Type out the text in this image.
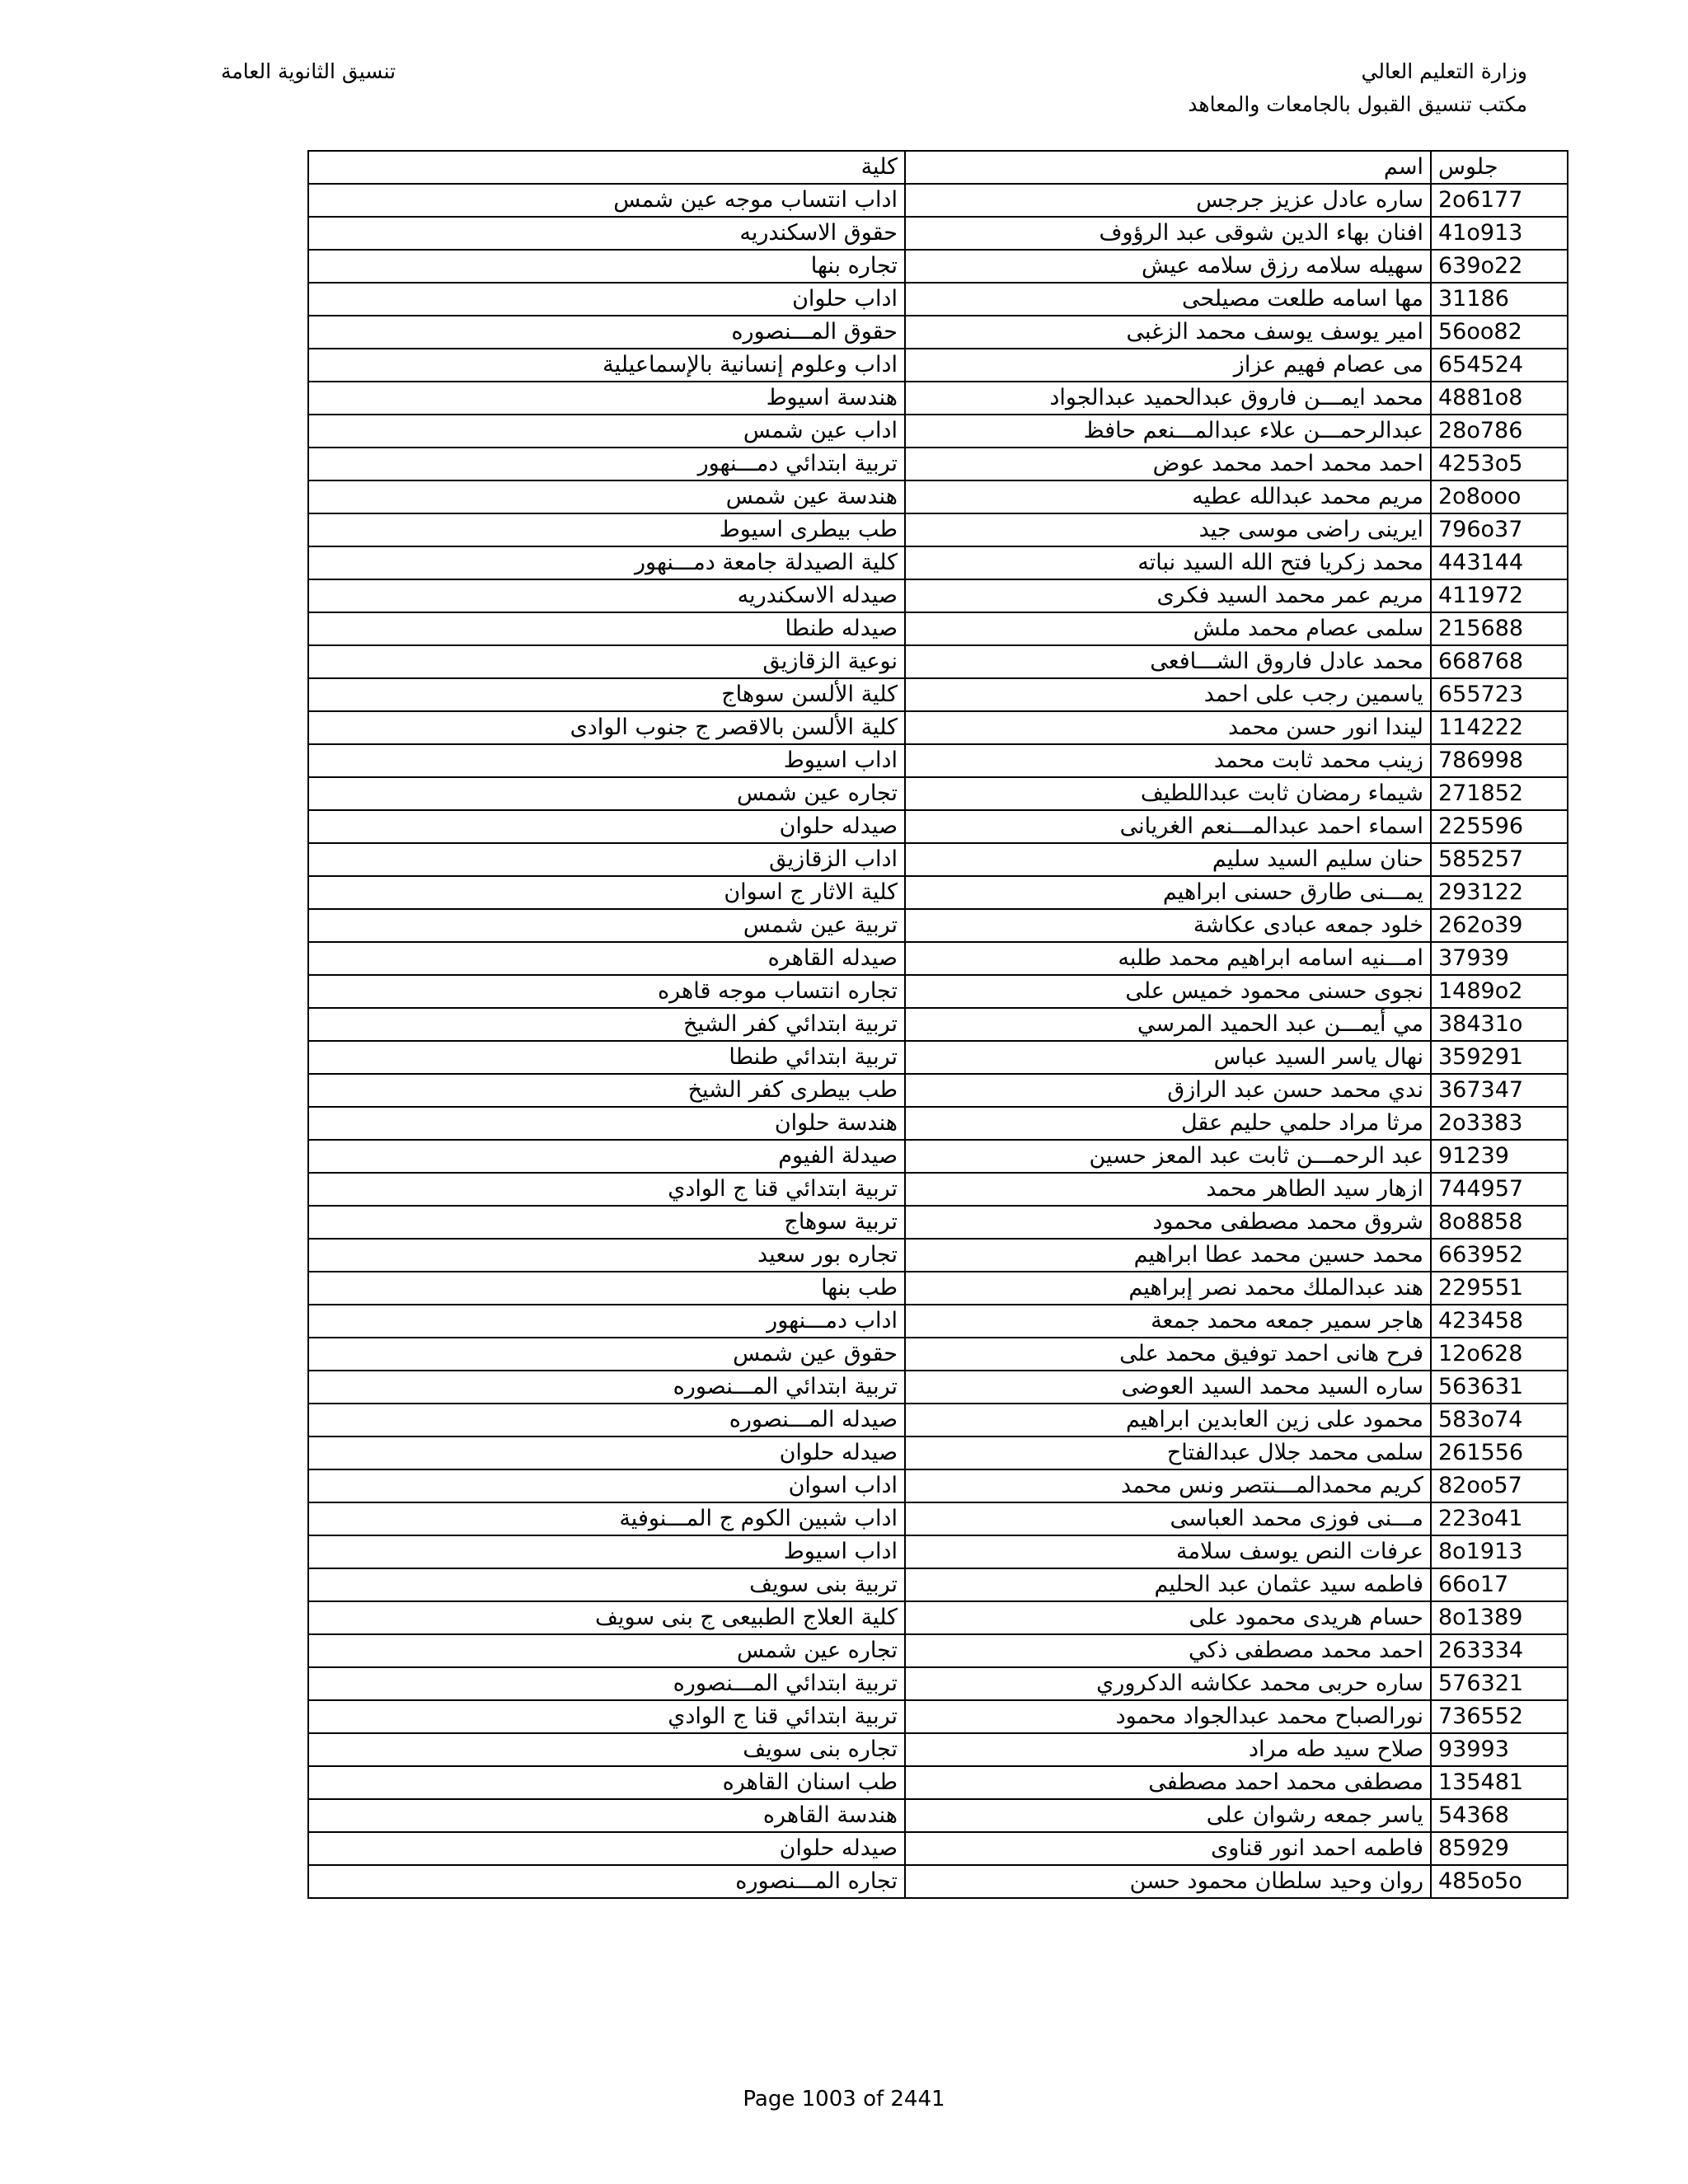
وزارة التعليم العالي
مكتب تنسيق القبول بالجامعات والمعاهد
تنسيق الثانوية العامة
كلية	اسم	جلوس
اداب انتساب موجه عين شمس	ساره عادل عزيز جرجس	2o6177
حقوق الاسكندريه	افنان بهاء الدين شوقى عبد الرؤوف	41o913
تجاره بنها	سهيله سلامه رزق سلامه عيش	639o22
اداب حلوان	مها اسامه طلعت مصيلحى	31186
حقوق المـــنصوره	امير يوسف يوسف محمد الزغبى	56oo82
اداب وعلوم إنسانية بالإسماعيلية	مى عصام فهيم عزاز	654524
هندسة اسيوط	محمد ايمـــن فاروق عبدالحميد عبدالجواد	4881o8
اداب عين شمس	عبدالرحمـــن علاء عبدالمـــنعم حافظ	28o786
تربية ابتدائي دمـــنهور	احمد محمد احمد محمد عوض	4253o5
هندسة عين شمس	مريم محمد عبدالله عطيه	2o8ooo
طب بيطرى اسيوط	ايرينى راضى موسى جيد	796o37
كلية الصيدلة جامعة دمـــنهور	محمد زكريا فتح الله السيد نباته	443144
صيدله الاسكندريه	مريم عمر محمد السيد فكرى	411972
صيدله طنطا	سلمى عصام محمد ملش	215688
نوعية الزقازيق	محمد عادل فاروق الشـــافعى	668768
كلية الألسن سوهاج	ياسمين رجب على احمد	655723
كلية الألسن بالاقصر ج جنوب الوادى	ليندا انور حسن محمد	114222
اداب اسيوط	زينب محمد ثابت محمد	786998
تجاره عين شمس	شيماء رمضان ثابت عبداللطيف	271852
صيدله حلوان	اسماء احمد عبدالمـــنعم الغريانى	225596
اداب الزقازيق	حنان سليم السيد سليم	585257
كلية الاثار ج اسوان	يمـــنى طارق حسنى ابراهيم	293122
تربية عين شمس	خلود جمعه عبادى عكاشة	262o39
صيدله القاهره	امـــنيه اسامه ابراهيم محمد طلبه	37939
تجاره انتساب موجه قاهره	نجوى حسنى محمود خميس على	1489o2
تربية ابتدائي كفر الشيخ	مي أيمـــن عبد الحميد المرسي	38431o
تربية ابتدائي طنطا	نهال ياسر السيد عباس	359291
طب بيطرى كفر الشيخ	ندي محمد حسن عبد الرازق	367347
هندسة حلوان	مرثا مراد حلمي حليم عقل	2o3383
صيدلة الفيوم	عبد الرحمـــن ثابت عبد المعز حسين	91239
تربية ابتدائي قنا ج الوادي	ازهار سيد الطاهر محمد	744957
تربية سوهاج	شروق محمد مصطفى محمود	8o8858
تجاره بور سعيد	محمد حسين محمد عطا ابراهيم	663952
طب بنها	هند عبدالملك محمد نصر إبراهيم	229551
اداب دمـــنهور	هاجر سمير جمعه محمد جمعة	423458
حقوق عين شمس	فرح هانى احمد توفيق محمد على	12o628
تربية ابتدائي المـــنصوره	ساره السيد محمد السيد العوضى	563631
صيدله المـــنصوره	محمود على زين العابدين ابراهيم	583o74
صيدله حلوان	سلمى محمد جلال عبدالفتاح	261556
اداب اسوان	كريم محمدالمـــنتصر ونس محمد	82oo57
اداب شبين الكوم ج المـــنوفية	مـــنى فوزى محمد العباسى	223o41
اداب اسيوط	عرفات النص يوسف سلامة	8o1913
تربية بنى سويف	فاطمه سيد عثمان عبد الحليم	66o17
كلية العلاج الطبيعى ج بنى سويف	حسام هريدى محمود على	8o1389
تجاره عين شمس	احمد محمد مصطفى ذكي	263334
تربية ابتدائي المـــنصوره	ساره حربى محمد عكاشه الدكروري	576321
تربية ابتدائي قنا ج الوادي	نورالصباح محمد عبدالجواد محمود	736552
تجاره بنى سويف	صلاح سيد طه مراد	93993
طب اسنان القاهره	مصطفى محمد احمد مصطفى	135481
هندسة القاهره	ياسر جمعه رشوان على	54368
صيدله حلوان	فاطمه احمد انور قناوى	85929
تجاره المـــنصوره	روان وحيد سلطان محمود حسن	485o5o
Page 1003 of 2441
